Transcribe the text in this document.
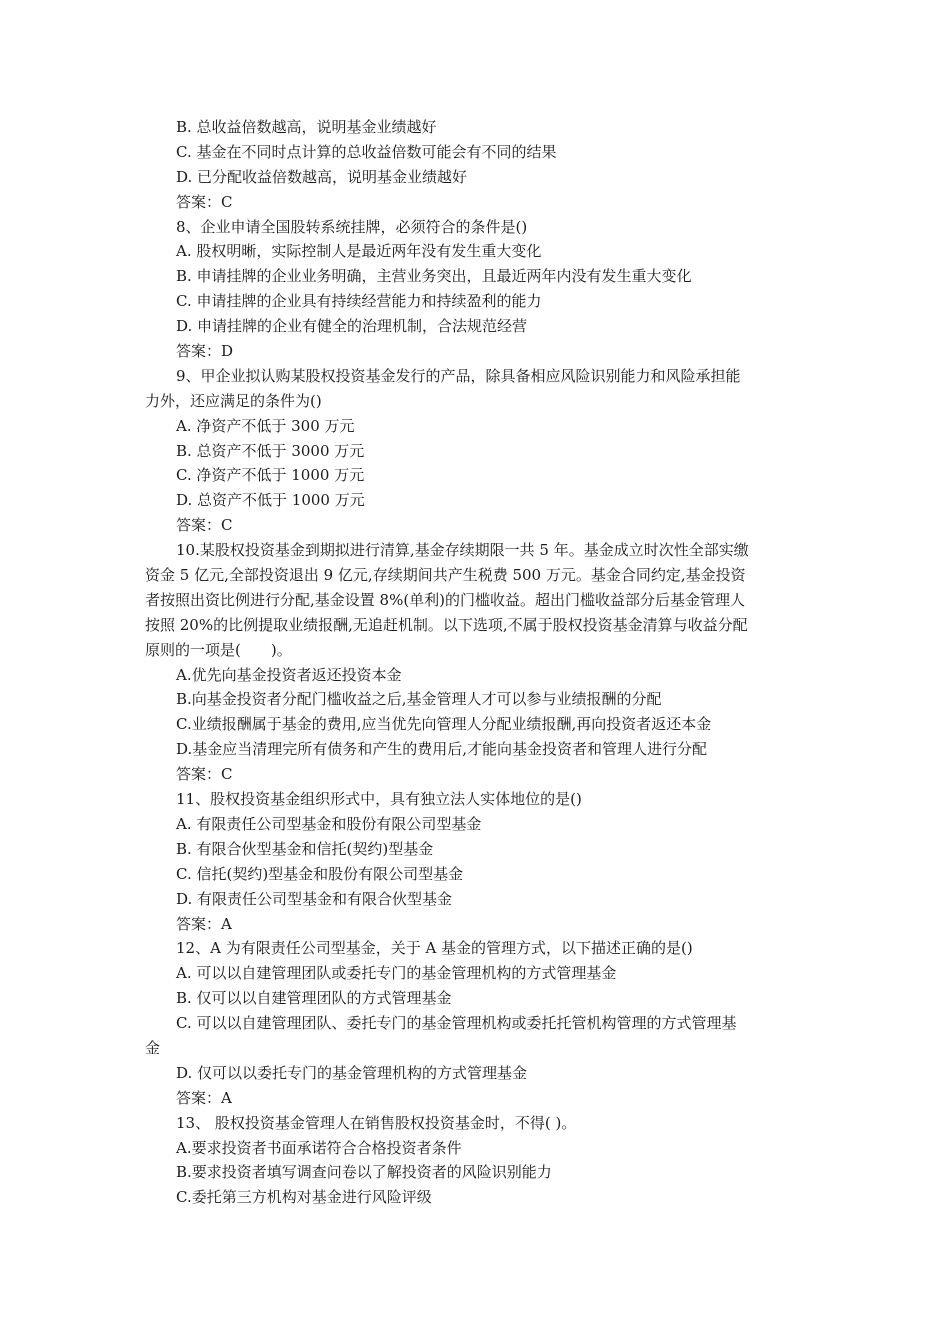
B. 总收益倍数越高，说明基金业绩越好
C. 基金在不同时点计算的总收益倍数可能会有不同的结果
D. 已分配收益倍数越高，说明基金业绩越好
答案：C
8、企业申请全国股转系统挂牌，必须符合的条件是()
A. 股权明晰，实际控制人是最近两年没有发生重大变化
B. 申请挂牌的企业业务明确，主营业务突出，且最近两年内没有发生重大变化
C. 申请挂牌的企业具有持续经营能力和持续盈利的能力
D. 申请挂牌的企业有健全的治理机制，合法规范经营
答案：D
9、甲企业拟认购某股权投资基金发行的产品，除具备相应风险识别能力和风险承担能
力外，还应满足的条件为()
A. 净资产不低于 300 万元
B. 总资产不低于 3000 万元
C. 净资产不低于 1000 万元
D. 总资产不低于 1000 万元
答案：C
10.某股权投资基金到期拟进行清算,基金存续期限一共 5 年。基金成立时次性全部实缴
资金 5 亿元,全部投资退出 9 亿元,存续期间共产生税费 500 万元。基金合同约定,基金投资
者按照出资比例进行分配,基金设置 8%(单利)的门槛收益。超出门槛收益部分后基金管理人
按照 20%的比例提取业绩报酬,无追赶机制。以下选项,不属于股权投资基金清算与收益分配
原则的一项是(　　)。
A.优先向基金投资者返还投资本金
B.向基金投资者分配门槛收益之后,基金管理人才可以参与业绩报酬的分配
C.业绩报酬属于基金的费用,应当优先向管理人分配业绩报酬,再向投资者返还本金
D.基金应当清理完所有债务和产生的费用后,才能向基金投资者和管理人进行分配
答案：C
11、股权投资基金组织形式中，具有独立法人实体地位的是()
A. 有限责任公司型基金和股份有限公司型基金
B. 有限合伙型基金和信托(契约)型基金
C. 信托(契约)型基金和股份有限公司型基金
D. 有限责任公司型基金和有限合伙型基金
答案：A
12、A 为有限责任公司型基金，关于 A 基金的管理方式，以下描述正确的是()
A. 可以以自建管理团队或委托专门的基金管理机构的方式管理基金
B. 仅可以以自建管理团队的方式管理基金
C. 可以以自建管理团队、委托专门的基金管理机构或委托托管机构管理的方式管理基
金
D. 仅可以以委托专门的基金管理机构的方式管理基金
答案：A
13、 股权投资基金管理人在销售股权投资基金时，不得( )。
A.要求投资者书面承诺符合合格投资者条件
B.要求投资者填写调查问卷以了解投资者的风险识别能力
C.委托第三方机构对基金进行风险评级
